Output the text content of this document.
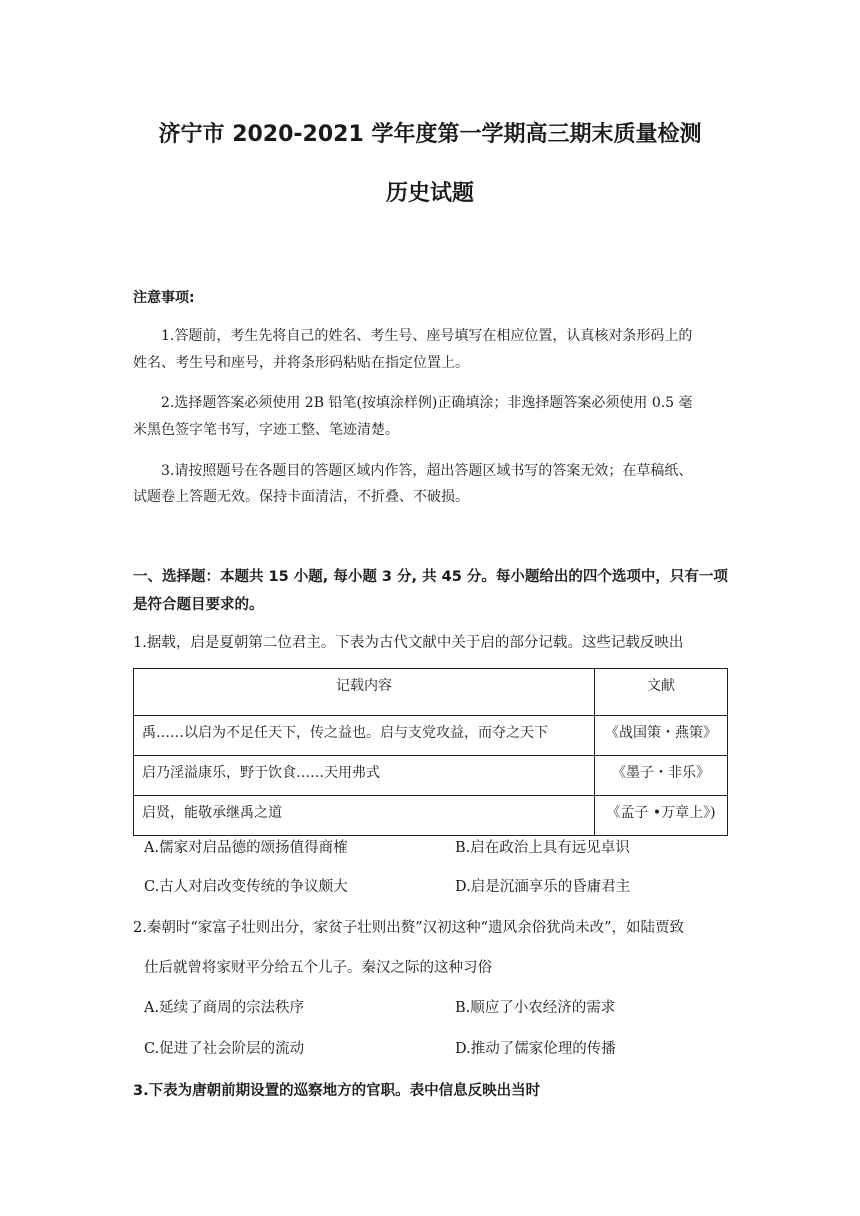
济宁市 2020-2021 学年度第一学期高三期末质量检测
历史试题
注意事项:
1.答题前，考生先将自己的姓名、考生号、座号填写在相应位置，认真核对条形码上的
姓名、考生号和座号，并将条形码粘贴在指定位置上。
2.选择题答案必须使用 2B 铅笔(按填涂样例)正确填涂；非逸择题答案必须使用 0.5 毫
米黑色签字笔书写，字迹工整、笔迹清楚。
3.请按照题号在各题目的答题区域内作答，超出答题区域书写的答案无效；在草稿纸、
试题卷上答题无效。保持卡面清洁，不折叠、不破损。
一、选择题：本题共 15 小题, 每小题 3 分, 共 45 分。每小题给出的四个选项中，只有一项
是符合题目要求的。
1.据载，启是夏朝第二位君主。下表为古代文献中关于启的部分记载。这些记载反映出
记载内容	文献
禹……以启为不足任天下，传之益也。启与支党攻益，而夺之天下	《战国策・燕策》
启乃淫溢康乐，野于饮食……天用弗式	《墨子・非乐》
启贤，能敬承继禹之道	《孟子 •万章上》)
A.儒家对启品德的颂扬值得商榷	B.启在政治上具有远见卓识
C.古人对启改变传统的争议颇大	D.启是沉湎享乐的昏庸君主
2.秦朝时“家富子壮则出分，家贫子壮则出赘”汉初这种“遗风余俗犹尚未改”，如陆贾致
仕后就曾将家财平分给五个儿子。秦汉之际的这种习俗
A.延续了商周的宗法秩序	B.顺应了小农经济的需求
C.促进了社会阶层的流动	D.推动了儒家伦理的传播
3.下表为唐朝前期设置的巡察地方的官职。表中信息反映出当时
